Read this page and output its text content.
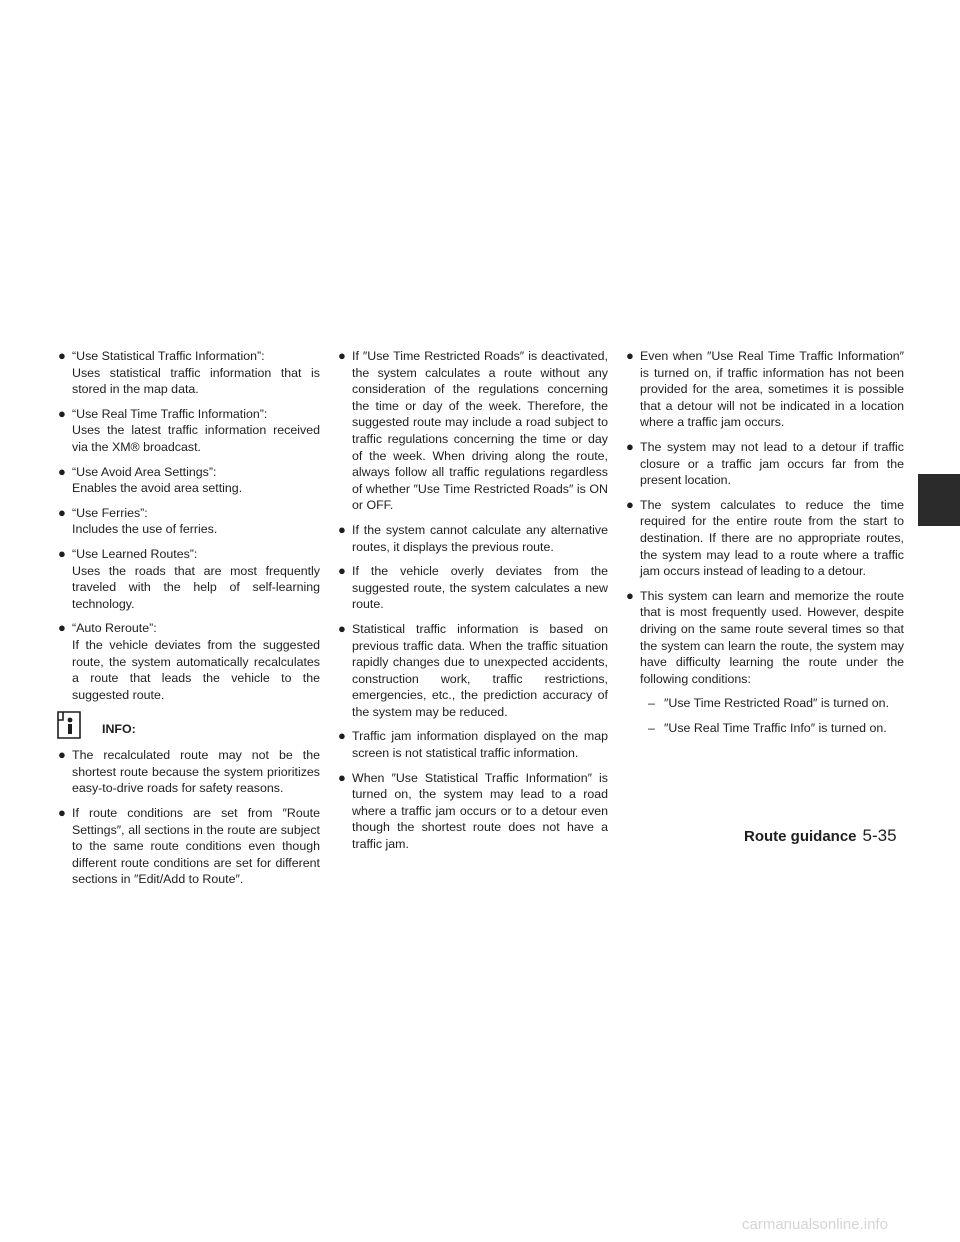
● “Use Statistical Traffic Information”:
Uses statistical traffic information that is stored in the map data.
● “Use Real Time Traffic Information”:
Uses the latest traffic information received via the XM® broadcast.
● “Use Avoid Area Settings”:
Enables the avoid area setting.
● “Use Ferries”:
Includes the use of ferries.
● “Use Learned Routes”:
Uses the roads that are most frequently traveled with the help of self-learning technology.
● “Auto Reroute”:
If the vehicle deviates from the suggested route, the system automatically recalculates a route that leads the vehicle to the suggested route.
INFO:
● The recalculated route may not be the shortest route because the system prioritizes easy-to-drive roads for safety reasons.
● If route conditions are set from ″Route Settings″, all sections in the route are subject to the same route conditions even though different route conditions are set for different sections in ″Edit/Add to Route″.
● If ″Use Time Restricted Roads″ is deactivated, the system calculates a route without any consideration of the regulations concerning the time or day of the week. Therefore, the suggested route may include a road subject to traffic regulations concerning the time or day of the week. When driving along the route, always follow all traffic regulations regardless of whether ″Use Time Restricted Roads″ is ON or OFF.
● If the system cannot calculate any alternative routes, it displays the previous route.
● If the vehicle overly deviates from the suggested route, the system calculates a new route.
● Statistical traffic information is based on previous traffic data. When the traffic situation rapidly changes due to unexpected accidents, construction work, traffic restrictions, emergencies, etc., the prediction accuracy of the system may be reduced.
● Traffic jam information displayed on the map screen is not statistical traffic information.
● When ″Use Statistical Traffic Information″ is turned on, the system may lead to a road where a traffic jam occurs or to a detour even though the shortest route does not have a traffic jam.
● Even when ″Use Real Time Traffic Information″ is turned on, if traffic information has not been provided for the area, sometimes it is possible that a detour will not be indicated in a location where a traffic jam occurs.
● The system may not lead to a detour if traffic closure or a traffic jam occurs far from the present location.
● The system calculates to reduce the time required for the entire route from the start to destination. If there are no appropriate routes, the system may lead to a route where a traffic jam occurs instead of leading to a detour.
● This system can learn and memorize the route that is most frequently used. However, despite driving on the same route several times so that the system can learn the route, the system may have difficulty learning the route under the following conditions:
– ″Use Time Restricted Road″ is turned on.
– ″Use Real Time Traffic Info″ is turned on.
Route guidance 5-35
carmanualsonline.info
